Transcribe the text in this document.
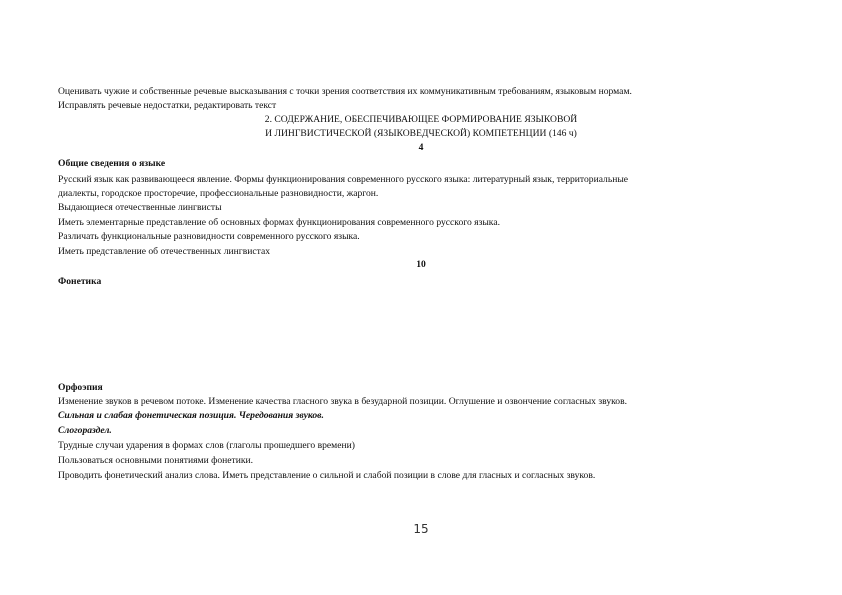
Оценивать чужие и собственные речевые высказывания с точки зрения соответствия их коммуникативным требованиям, языковым нормам.
Исправлять речевые недостатки, редактировать текст
2. СОДЕРЖАНИЕ, ОБЕСПЕЧИВАЮЩЕЕ ФОРМИРОВАНИЕ ЯЗЫКОВОЙ
И ЛИНГВИСТИЧЕСКОЙ (ЯЗЫКОВЕДЧЕСКОЙ) КОМПЕТЕНЦИИ (146 ч)
4
Общие сведения о языке
Русский язык как развивающееся явление. Формы функционирования современного русского языка: литературный язык, территориальные
диалекты, городское просторечие, профессиональные разновидности, жаргон.
Выдающиеся отечественные лингвисты
Иметь элементарные представление об основных формах функционирования современного русского языка.
Различать функциональные разновидности современного русского языка.
Иметь представление об отечественных лингвистах
10
Фонетика
Орфоэпия
Изменение звуков в речевом потоке. Изменение качества гласного звука в безударной позиции. Оглушение и озвончение согласных звуков.
Сильная и слабая фонетическая позиция. Чередования звуков.
Слогораздел.
Трудные случаи ударения в формах слов (глаголы прошедшего времени)
Пользоваться основными понятиями фонетики.
Проводить фонетический анализ слова. Иметь представление о сильной и слабой позиции в слове для гласных и согласных звуков.
15
